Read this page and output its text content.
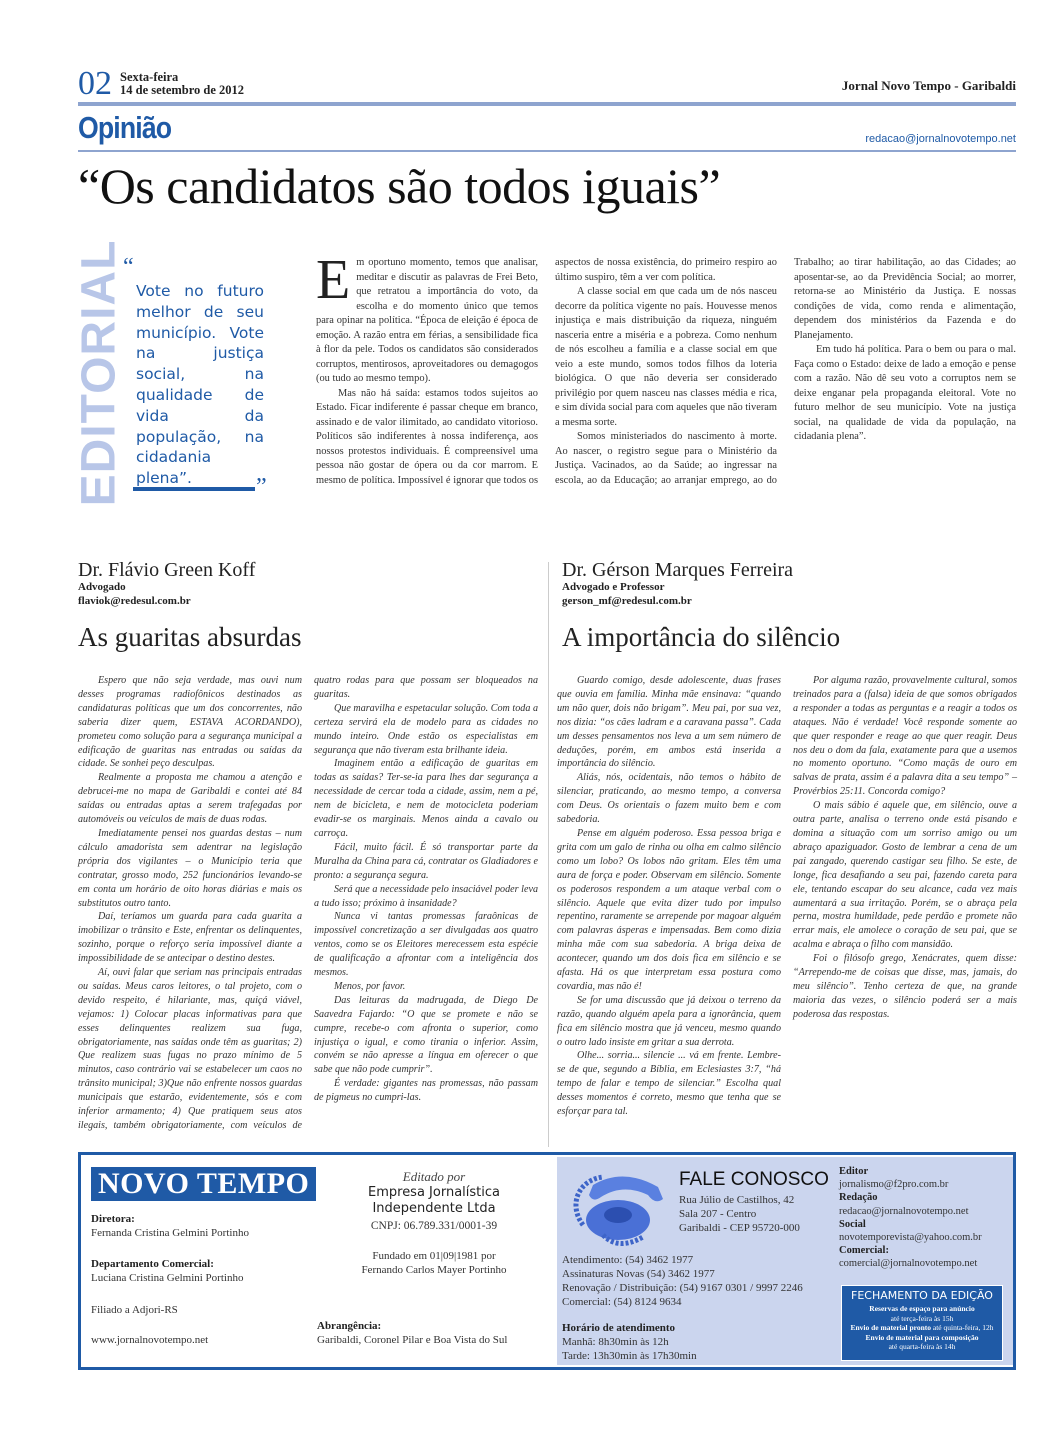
02 Sexta-feira
14 de setembro de 2012	Jornal Novo Tempo - Garibaldi
Opinião	redacao@jornalnovotempo.net
“Os candidatos são todos iguais”
EDITORIAL
“
Vote no futuro melhor de seu município. Vote na justiça social, na qualidade de vida da população, na cidadania plena”.	”

Em oportuno momento, temos que analisar, meditar e discutir as palavras de Frei Beto, que retratou a importância do voto, da escolha e do momento único que temos para opinar na política. “Época de eleição é época de emoção. A razão entra em férias, a sensibilidade fica à flor da pele. Todos os candidatos são considerados corruptos, mentirosos, aproveitadores ou demagogos (ou tudo ao mesmo tempo).

Mas não há saída: estamos todos sujeitos ao Estado. Ficar indiferente é passar cheque em branco, assinado e de valor ilimitado, ao candidato vitorioso. Políticos são indiferentes à nossa indiferença, aos nossos protestos individuais. É compreensível uma pessoa não gostar de ópera ou da cor marrom. E mesmo de política. Impossível é ignorar que todos os aspectos de nossa existência, do primeiro respiro ao último suspiro, têm a ver com política.

A classe social em que cada um de nós nasceu decorre da política vigente no país. Houvesse menos injustiça e mais distribuição da riqueza, ninguém nasceria entre a miséria e a pobreza. Como nenhum de nós escolheu a família e a classe social em que veio a este mundo, somos todos filhos da loteria biológica. O que não deveria ser considerado privilégio por quem nasceu nas classes média e rica, e sim dívida social para com aqueles que não tiveram a mesma sorte.

Somos ministeriados do nascimento à morte. Ao nascer, o registro segue para o Ministério da Justiça. Vacinados, ao da Saúde; ao ingressar na escola, ao da Educação; ao arranjar emprego, ao do Trabalho; ao tirar habilitação, ao das Cidades; ao aposentar-se, ao da Previdência Social; ao morrer, retorna-se ao Ministério da Justiça. E nossas condições de vida, como renda e alimentação, dependem dos ministérios da Fazenda e do Planejamento.

Em tudo há política. Para o bem ou para o mal. Faça como o Estado: deixe de lado a emoção e pense com a razão. Não dê seu voto a corruptos nem se deixe enganar pela propaganda eleitoral. Vote no futuro melhor de seu município. Vote na justiça social, na qualidade de vida da população, na cidadania plena”.

Dr. Flávio Green Koff
Advogado
flaviok@redesul.com.br
As guaritas absurdas

Espero que não seja verdade, mas ouvi num desses programas radiofônicos destinados as candidaturas políticas que um dos concorrentes, não saberia dizer quem, ESTAVA ACORDANDO), prometeu como solução para a segurança municipal a edificação de guaritas nas entradas ou saídas da cidade. Se sonhei peço desculpas.

Realmente a proposta me chamou a atenção e debrucei-me no mapa de Garibaldi e contei até 84 saídas ou entradas aptas a serem trafegadas por automóveis ou veículos de mais de duas rodas.

Imediatamente pensei nos guardas destas – num cálculo amadorista sem adentrar na legislação própria dos vigilantes – o Município teria que contratar, grosso modo, 252 funcionários levando-se em conta um horário de oito horas diárias e mais os substitutos outro tanto.

Daí, teríamos um guarda para cada guarita a imobilizar o trânsito e Este, enfrentar os delinquentes, sozinho, porque o reforço seria impossível diante a impossibilidade de se antecipar o destino destes.

Aí, ouvi falar que seriam nas principais entradas ou saídas. Meus caros leitores, o tal projeto, com o devido respeito, é hilariante, mas, quiçá viável, vejamos: 1) Colocar placas informativas para que esses delinquentes realizem sua fuga, obrigatoriamente, nas saídas onde têm as guaritas; 2) Que realizem suas fugas no prazo mínimo de 5 minutos, caso contrário vai se estabelecer um caos no trânsito municipal; 3)Que não enfrente nossos guardas municipais que estarão, evidentemente, sós e com inferior armamento; 4) Que pratiquem seus atos ilegais, também obrigatoriamente, com veículos de quatro rodas para que possam ser bloqueados na guaritas.

Que maravilha e espetacular solução. Com toda a certeza servirá ela de modelo para as cidades no mundo inteiro. Onde estão os especialistas em segurança que não tiveram esta brilhante ideia.

Imaginem então a edificação de guaritas em todas as saídas? Ter-se-ia para lhes dar segurança a necessidade de cercar toda a cidade, assim, nem a pé, nem de bicicleta, e nem de motocicleta poderiam evadir-se os marginais. Menos ainda a cavalo ou carroça.

Fácil, muito fácil. É só transportar parte da Muralha da China para cá, contratar os Gladiadores e pronto: a segurança segura.

Será que a necessidade pelo insaciável poder leva a tudo isso; próximo à insanidade?

Nunca vi tantas promessas faraônicas de impossível concretização a ser divulgadas aos quatro ventos, como se os Eleitores merecessem esta espécie de qualificação a afrontar com a inteligência dos mesmos.

Menos, por favor.

Das leituras da madrugada, de Diego De Saavedra Fajardo: “O que se promete e não se cumpre, recebe-o com afronta o superior, como injustiça o igual, e como tirania o inferior. Assim, convém se não apresse a língua em oferecer o que sabe que não pode cumprir”.

É verdade: gigantes nas promessas, não passam de pigmeus no cumpri-las.

Dr. Gérson Marques Ferreira
Advogado e Professor
gerson_mf@redesul.com.br
A importância do silêncio

Guardo comigo, desde adolescente, duas frases que ouvia em família. Minha mãe ensinava: “quando um não quer, dois não brigam”. Meu pai, por sua vez, nos dizia: “os cães ladram e a caravana passa”. Cada um desses pensamentos nos leva a um sem número de deduções, porém, em ambos está inserida a importância do silêncio.

Aliás, nós, ocidentais, não temos o hábito de silenciar, praticando, ao mesmo tempo, a conversa com Deus. Os orientais o fazem muito bem e com sabedoria.

Pense em alguém poderoso. Essa pessoa briga e grita com um galo de rinha ou olha em calmo silêncio como um lobo? Os lobos não gritam. Eles têm uma aura de força e poder. Observam em silêncio. Somente os poderosos respondem a um ataque verbal com o silêncio. Aquele que evita dizer tudo por impulso repentino, raramente se arrepende por magoar alguém com palavras ásperas e impensadas. Bem como dizia minha mãe com sua sabedoria. A briga deixa de acontecer, quando um dos dois fica em silêncio e se afasta. Há os que interpretam essa postura como covardia, mas não é!

Se for uma discussão que já deixou o terreno da razão, quando alguém apela para a ignorância, quem fica em silêncio mostra que já venceu, mesmo quando o outro lado insiste em gritar a sua derrota.

Olhe... sorria... silencie ... vá em frente. Lembre-se de que, segundo a Bíblia, em Eclesiastes 3:7, “há tempo de falar e tempo de silenciar.” Escolha qual desses momentos é correto, mesmo que tenha que se esforçar para tal.

Por alguma razão, provavelmente cultural, somos treinados para a (falsa) ideia de que somos obrigados a responder a todas as perguntas e a reagir a todos os ataques. Não é verdade! Você responde somente ao que quer responder e reage ao que quer reagir. Deus nos deu o dom da fala, exatamente para que a usemos no momento oportuno. “Como maçãs de ouro em salvas de prata, assim é a palavra dita a seu tempo” – Provérbios 25:11. Concorda comigo?

O mais sábio é aquele que, em silêncio, ouve a outra parte, analisa o terreno onde está pisando e domina a situação com um sorriso amigo ou um abraço apaziguador. Gosto de lembrar a cena de um pai zangado, querendo castigar seu filho. Se este, de longe, fica desafiando a seu pai, fazendo careta para ele, tentando escapar do seu alcance, cada vez mais aumentará a sua irritação. Porém, se o abraça pela perna, mostra humildade, pede perdão e promete não errar mais, ele amolece o coração de seu pai, que se acalma e abraça o filho com mansidão.

Foi o filósofo grego, Xenácrates, quem disse: “Arrependo-me de coisas que disse, mas, jamais, do meu silêncio”. Tenho certeza de que, na grande maioria das vezes, o silêncio poderá ser a mais poderosa das respostas.

NOVO TEMPO
Diretora:
Fernanda Cristina Gelmini Portinho
Departamento Comercial:
Luciana Cristina Gelmini Portinho
Filiado a Adjori-RS
www.jornalnovotempo.net
Editado por
Empresa Jornalística
Independente Ltda
CNPJ: 06.789.331/0001-39
Fundado em 01|09|1981 por
Fernando Carlos Mayer Portinho
Abrangência:
Garibaldi, Coronel Pilar e Boa Vista do Sul
FALE CONOSCO
Rua Júlio de Castilhos, 42
Sala 207 - Centro
Garibaldi - CEP 95720-000
Atendimento: (54) 3462 1977
Assinaturas Novas (54) 3462 1977
Renovação / Distribuição: (54) 9167 0301 / 9997 2246
Comercial: (54) 8124 9634
Horário de atendimento
Manhã: 8h30min às 12h
Tarde: 13h30min às 17h30min
Editor
jornalismo@f2pro.com.br
Redação
redacao@jornalnovotempo.net
Social
novotemporevista@yahoo.com.br
Comercial:
comercial@jornalnovotempo.net
FECHAMENTO DA EDIÇÃO
Reservas de espaço para anúncio
até terça-feira às 15h
Envio de material pronto até quinta-feira, 12h
Envio de material para composição
até quarta-feira às 14h
